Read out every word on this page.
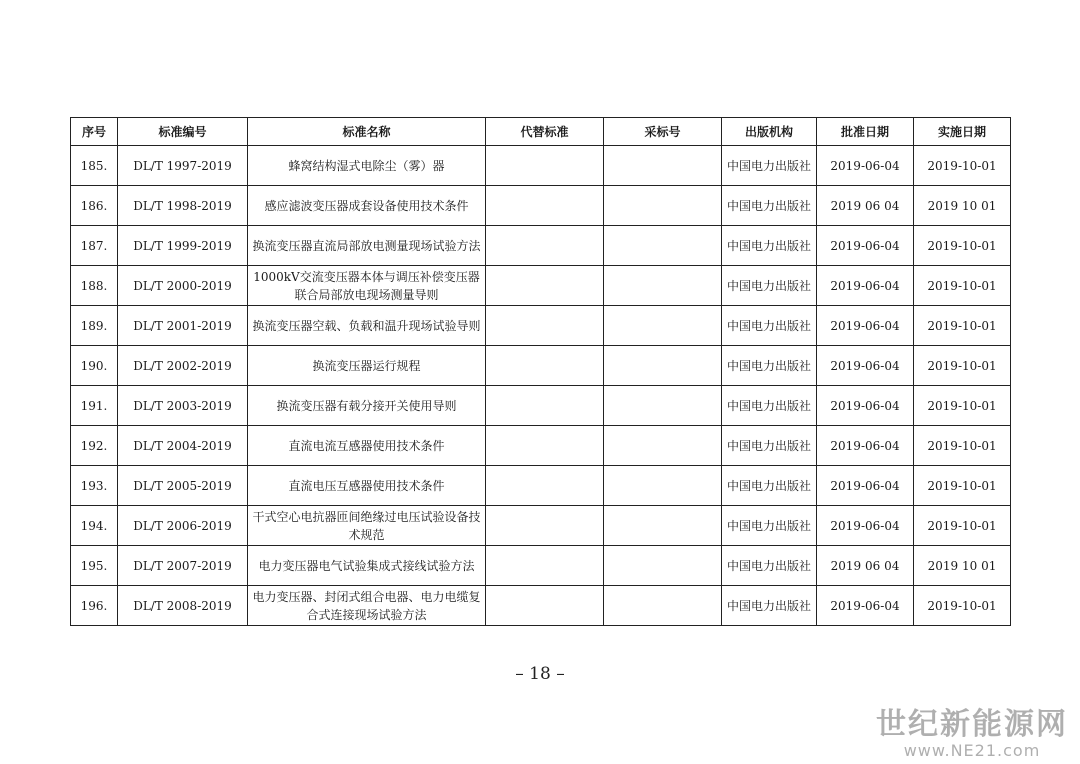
序号	标准编号	标准名称	代替标准	采标号	出版机构	批准日期	实施日期
185.	DL/T 1997-2019	蜂窝结构湿式电除尘（雾）器			中国电力出版社	2019-06-04	2019-10-01
186.	DL/T 1998-2019	感应滤波变压器成套设备使用技术条件			中国电力出版社	2019 06 04	2019 10 01
187.	DL/T 1999-2019	换流变压器直流局部放电测量现场试验方法			中国电力出版社	2019-06-04	2019-10-01
188.	DL/T 2000-2019	1000kV交流变压器本体与调压补偿变压器联合局部放电现场测量导则			中国电力出版社	2019-06-04	2019-10-01
189.	DL/T 2001-2019	换流变压器空载、负载和温升现场试验导则			中国电力出版社	2019-06-04	2019-10-01
190.	DL/T 2002-2019	换流变压器运行规程			中国电力出版社	2019-06-04	2019-10-01
191.	DL/T 2003-2019	换流变压器有载分接开关使用导则			中国电力出版社	2019-06-04	2019-10-01
192.	DL/T 2004-2019	直流电流互感器使用技术条件			中国电力出版社	2019-06-04	2019-10-01
193.	DL/T 2005-2019	直流电压互感器使用技术条件			中国电力出版社	2019-06-04	2019-10-01
194.	DL/T 2006-2019	干式空心电抗器匝间绝缘过电压试验设备技术规范			中国电力出版社	2019-06-04	2019-10-01
195.	DL/T 2007-2019	电力变压器电气试验集成式接线试验方法			中国电力出版社	2019 06 04	2019 10 01
196.	DL/T 2008-2019	电力变压器、封闭式组合电器、电力电缆复合式连接现场试验方法			中国电力出版社	2019-06-04	2019-10-01
– 18 –
世纪新能源网
www.NE21.com
